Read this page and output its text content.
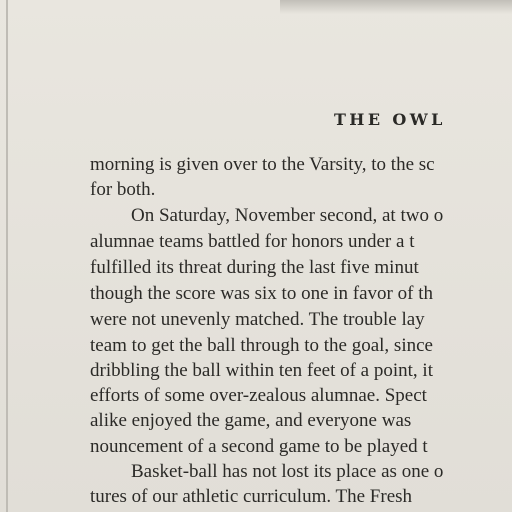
THE OWL
morning is given over to the Varsity, to the sc
for both.
On Saturday, November second, at two o
alumnae teams battled for honors under a t
fulfilled its threat during the last five minut
though the score was six to one in favor of th
were not unevenly matched. The trouble lay
team to get the ball through to the goal, since
dribbling the ball within ten feet of a point, it
efforts of some over-zealous alumnae. Spect
alike enjoyed the game, and everyone was
nouncement of a second game to be played t
Basket-ball has not lost its place as one o
tures of our athletic curriculum. The Fresh
